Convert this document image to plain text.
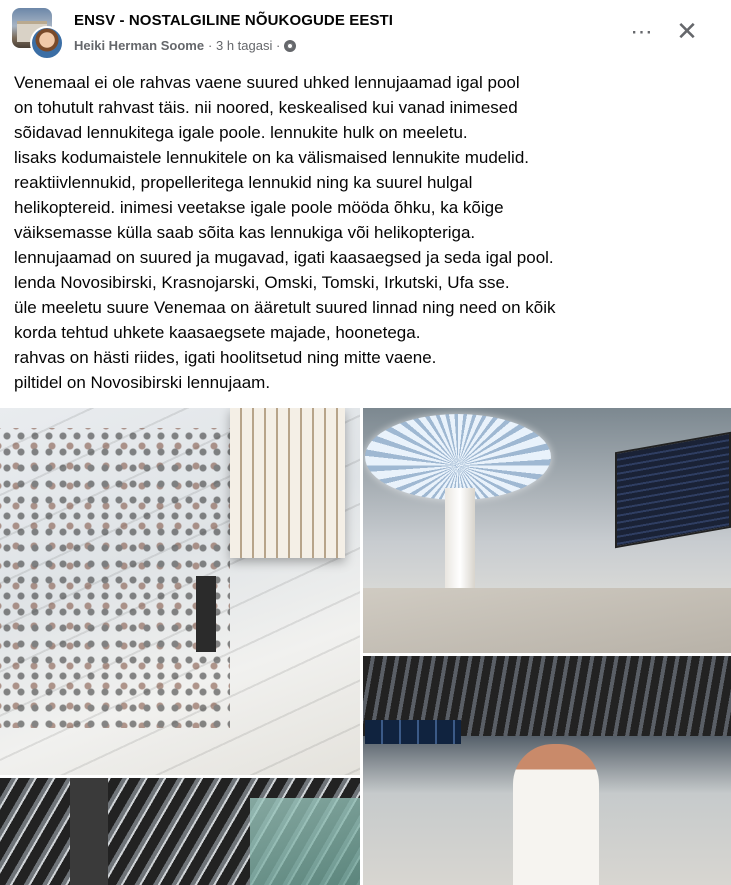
ENSV - NOSTALGILINE NÕUKOGUDE EESTI
Heiki Herman Soome · 3 h tagasi ·
⋯ ✕
Venemaal ei ole rahvas vaene suured uhked lennujaamad igal pool
on tohutult rahvast täis. nii noored, keskealised kui vanad inimesed
sõidavad lennukitega igale poole. lennukite hulk on meeletu.
lisaks kodumaistele lennukitele on ka välismaised lennukite mudelid.
reaktiivlennukid, propelleritega lennukid ning ka suurel hulgal
helikoptereid. inimesi veetakse igale poole mööda õhku, ka kõige
väiksemasse külla saab sõita kas lennukiga või helikopteriga.
lennujaamad on suured ja mugavad, igati kaasaegsed ja seda igal pool.
lenda Novosibirski, Krasnojarski, Omski, Tomski, Irkutski, Ufa sse.
üle meeletu suure Venemaa on ääretult suured linnad ning need on kõik
korda tehtud uhkete kaasaegsete majade, hoonetega.
rahvas on hästi riides, igati hoolitsetud ning mitte vaene.
piltidel on Novosibirski lennujaam.
